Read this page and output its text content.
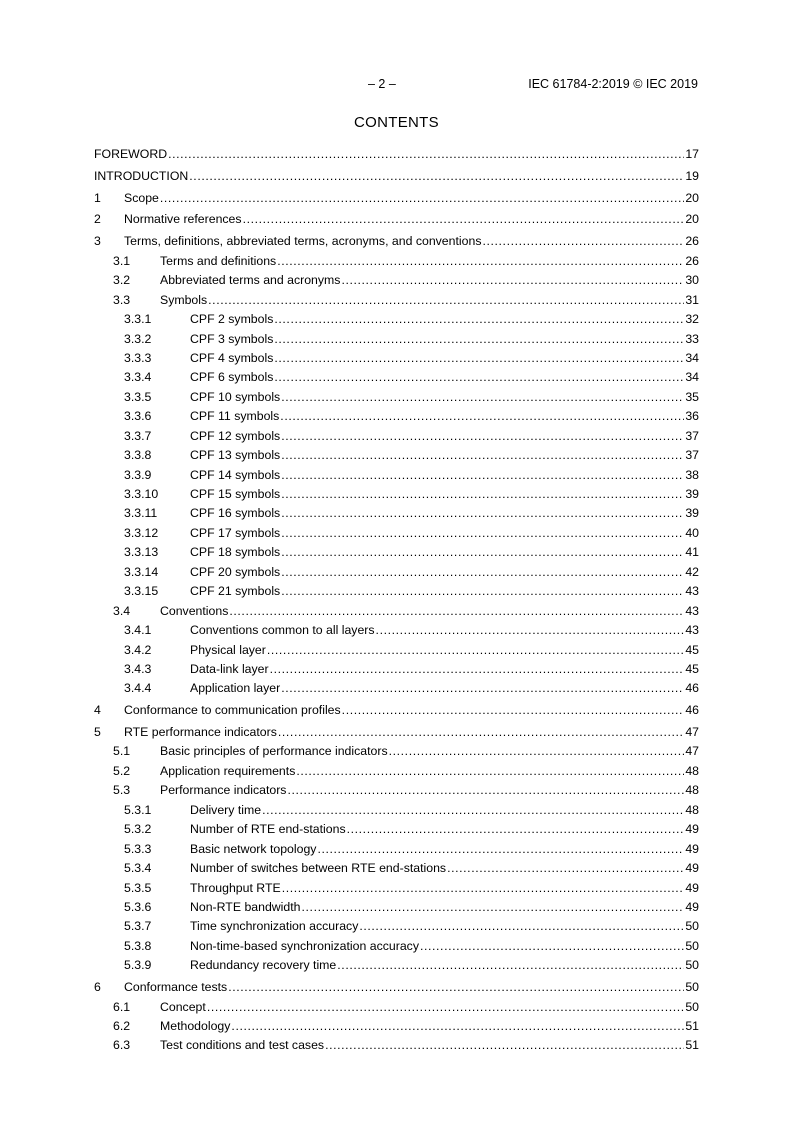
– 2 –	IEC 61784-2:2019 © IEC 2019
CONTENTS
FOREWORD .....	17
INTRODUCTION .....	19
1 Scope .....	20
2 Normative references .....	20
3 Terms, definitions, abbreviated terms, acronyms, and conventions .....	26
3.1 Terms and definitions .....	26
3.2 Abbreviated terms and acronyms .....	30
3.3 Symbols .....	31
3.3.1	CPF 2 symbols .....	32
3.3.2	CPF 3 symbols .....	33
3.3.3	CPF 4 symbols .....	34
3.3.4	CPF 6 symbols .....	34
3.3.5	CPF 10 symbols .....	35
3.3.6	CPF 11 symbols .....	36
3.3.7	CPF 12 symbols .....	37
3.3.8	CPF 13 symbols .....	37
3.3.9	CPF 14 symbols .....	38
3.3.10	CPF 15 symbols .....	39
3.3.11	CPF 16 symbols .....	39
3.3.12	CPF 17 symbols .....	40
3.3.13	CPF 18 symbols .....	41
3.3.14	CPF 20 symbols .....	42
3.3.15	CPF 21 symbols .....	43
3.4 Conventions .....	43
3.4.1	Conventions common to all layers .....	43
3.4.2	Physical layer .....	45
3.4.3	Data-link layer .....	45
3.4.4	Application layer .....	46
4 Conformance to communication profiles .....	46
5 RTE performance indicators .....	47
5.1 Basic principles of performance indicators .....	47
5.2 Application requirements .....	48
5.3 Performance indicators .....	48
5.3.1	Delivery time .....	48
5.3.2	Number of RTE end-stations .....	49
5.3.3	Basic network topology .....	49
5.3.4	Number of switches between RTE end-stations .....	49
5.3.5	Throughput RTE .....	49
5.3.6	Non-RTE bandwidth .....	49
5.3.7	Time synchronization accuracy .....	50
5.3.8	Non-time-based synchronization accuracy .....	50
5.3.9	Redundancy recovery time .....	50
6 Conformance tests .....	50
6.1 Concept .....	50
6.2 Methodology .....	51
6.3 Test conditions and test cases .....	51
